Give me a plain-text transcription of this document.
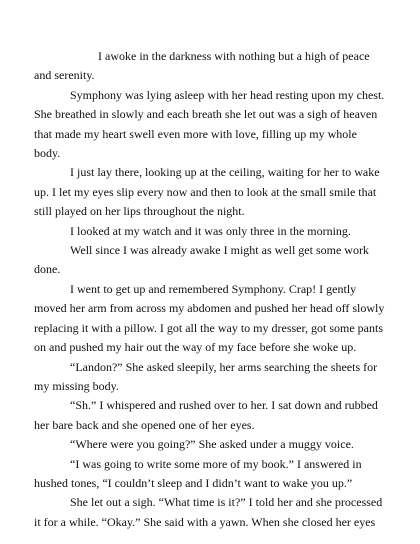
I awoke in the darkness with nothing but a high of peace and serenity.

Symphony was lying asleep with her head resting upon my chest. She breathed in slowly and each breath she let out was a sigh of heaven that made my heart swell even more with love, filling up my whole body.

I just lay there, looking up at the ceiling, waiting for her to wake up. I let my eyes slip every now and then to look at the small smile that still played on her lips throughout the night.

I looked at my watch and it was only three in the morning.

Well since I was already awake I might as well get some work done.

I went to get up and remembered Symphony. Crap! I gently moved her arm from across my abdomen and pushed her head off slowly replacing it with a pillow. I got all the way to my dresser, got some pants on and pushed my hair out the way of my face before she woke up.

“Landon?” She asked sleepily, her arms searching the sheets for my missing body.

“Sh.” I whispered and rushed over to her. I sat down and rubbed her bare back and she opened one of her eyes.

“Where were you going?” She asked under a muggy voice.

“I was going to write some more of my book.” I answered in hushed tones, “I couldn’t sleep and I didn’t want to wake you up.”

She let out a sigh. “What time is it?” I told her and she processed it for a while. “Okay.” She said with a yawn. When she closed her eyes
